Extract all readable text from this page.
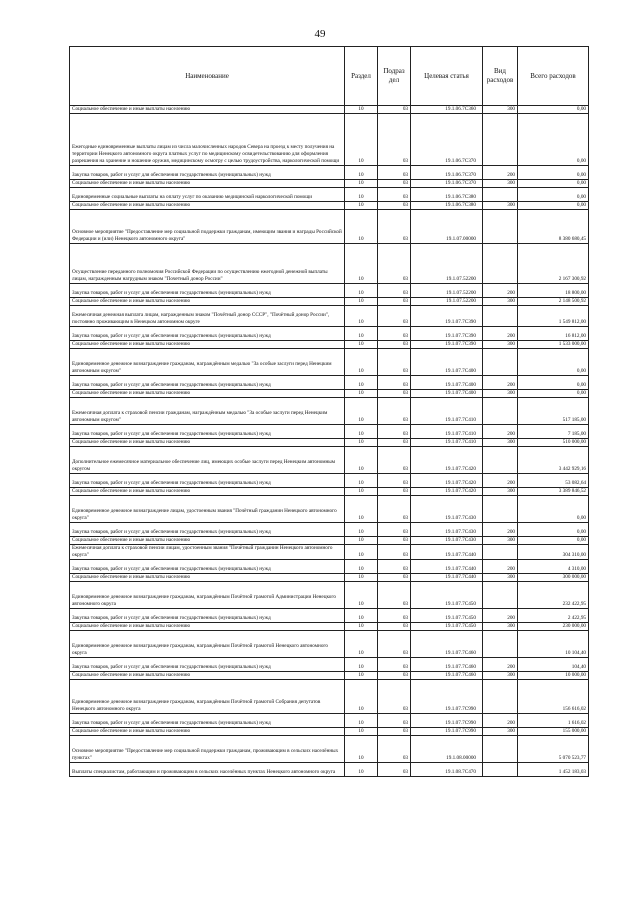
49
Наименование	Раздел	Подраз дел	Целевая статья	Вид расходов	Всего расходов
Социальное обеспечение и иные выплаты населению	10	03	19.1.06.7С360	300	0,00
Ежегодные единовременные выплаты лицам из числа малочисленных народов Севера на проезд к месту получения на территории Ненецкого автономного округа платных услуг по медицинскому освидетельствованию для оформления разрешения на хранение и ношение оружия, медицинскому осмотру с целью трудоустройства, наркологической помощи	10	03	19.1.06.7С370		0,00
Закупка товаров, работ и услуг для обеспечения государственных (муниципальных) нужд	10	03	19.1.06.7С370	200	0,00
Социальное обеспечение и иные выплаты населению	10	03	19.1.06.7С370	300	0,00
Единовременные социальные выплаты на оплату услуг по оказанию медицинской наркологической помощи	10	03	19.1.06.7С380		0,00
Социальное обеспечение и иные выплаты населению	10	03	19.1.06.7С380	300	0,00
Основное мероприятие "Предоставление мер социальной поддержки гражданам, имеющим звания и награды Российской Федерации и (или) Ненецкого автономного округа"	10	03	19.1.07.00000		8 380 680,45
Осуществление переданного полномочия Российской Федерации по осуществлению ежегодной денежной выплаты лицам, награжденным нагрудным знаком "Почетный донор России"	10	03	19.1.07.52200		2 167 300,92
Закупка товаров, работ и услуг для обеспечения государственных (муниципальных) нужд	10	03	19.1.07.52200	200	18 800,00
Социальное обеспечение и иные выплаты населению	10	03	19.1.07.52200	300	2 148 500,92
Ежемесячная денежная выплата лицам, награжденным знаком "Почётный донор СССР", "Почётный донор России", постоянно проживающим в Ненецком автономном округе	10	03	19.1.07.7С390		1 549 812,00
Закупка товаров, работ и услуг для обеспечения государственных (муниципальных) нужд	10	03	19.1.07.7С390	200	16 812,00
Социальное обеспечение и иные выплаты населению	10	03	19.1.07.7С390	300	1 533 000,00
Единовременное денежное вознаграждение гражданам, награждённым медалью "За особые заслуги перед Ненецким автономным округом"	10	03	19.1.07.7С400		0,00
Закупка товаров, работ и услуг для обеспечения государственных (муниципальных) нужд	10	03	19.1.07.7С400	200	0,00
Социальное обеспечение и иные выплаты населению	10	03	19.1.07.7С400	300	0,00
Ежемесячная доплата к страховой пенсии гражданам, награждённым медалью "За особые заслуги перед Ненецким автономным округом"	10	03	19.1.07.7С410		517 185,00
Закупка товаров, работ и услуг для обеспечения государственных (муниципальных) нужд	10	03	19.1.07.7С410	200	7 185,00
Социальное обеспечение и иные выплаты населению	10	03	19.1.07.7С410	300	510 000,00
Дополнительное ежемесячное материальное обеспечение лиц, имеющих особые заслуги перед Ненецким автономным округом	10	03	19.1.07.7С420		3 442 929,16
Закупка товаров, работ и услуг для обеспечения государственных (муниципальных) нужд	10	03	19.1.07.7С420	200	53 082,64
Социальное обеспечение и иные выплаты населению	10	03	19.1.07.7С420	300	3 389 846,52
Единовременное денежное вознаграждение лицам, удостоенным звания "Почётный гражданин Ненецкого автономного округа"	10	03	19.1.07.7С430		0,00
Закупка товаров, работ и услуг для обеспечения государственных (муниципальных) нужд	10	03	19.1.07.7С430	200	0,00
Социальное обеспечение и иные выплаты населению	10	03	19.1.07.7С430	300	0,00
Ежемесячная доплата к страховой пенсии лицам, удостоенным звания "Почётный гражданин Ненецкого автономного округа"	10	03	19.1.07.7С440		304 310,00
Закупка товаров, работ и услуг для обеспечения государственных (муниципальных) нужд	10	03	19.1.07.7С440	200	4 310,00
Социальное обеспечение и иные выплаты населению	10	03	19.1.07.7С440	300	300 000,00
Единовременное денежное вознаграждение гражданам, награждённым Почётной грамотой Администрации Ненецкого автономного округа	10	03	19.1.07.7С450		232 422,95
Закупка товаров, работ и услуг для обеспечения государственных (муниципальных) нужд	10	03	19.1.07.7С450	200	2 422,95
Социальное обеспечение и иные выплаты населению	10	03	19.1.07.7С450	300	230 000,00
Единовременное денежное вознаграждение гражданам, награждённым Почётной грамотой Ненецкого автономного округа	10	03	19.1.07.7С460		10 104,40
Закупка товаров, работ и услуг для обеспечения государственных (муниципальных) нужд	10	03	19.1.07.7С460	200	104,40
Социальное обеспечение и иные выплаты населению	10	03	19.1.07.7С460	300	10 000,00
Единовременное денежное вознаграждение гражданам, награждённым Почётной грамотой Собрания депутатов Ненецкого автономного округа	10	03	19.1.07.7С990		156 616,02
Закупка товаров, работ и услуг для обеспечения государственных (муниципальных) нужд	10	03	19.1.07.7С990	200	1 616,02
Социальное обеспечение и иные выплаты населению	10	03	19.1.07.7С990	300	155 000,00
Основное мероприятие "Предоставление мер социальной поддержки гражданам, проживающим в сельских населённых пунктах"	10	03	19.1.08.00000		5 070 523,77
Выплаты специалистам, работающим и проживающим в сельских населённых пунктах Ненецкого автономного округа	10	03	19.1.08.7С470		1 452 183,03
